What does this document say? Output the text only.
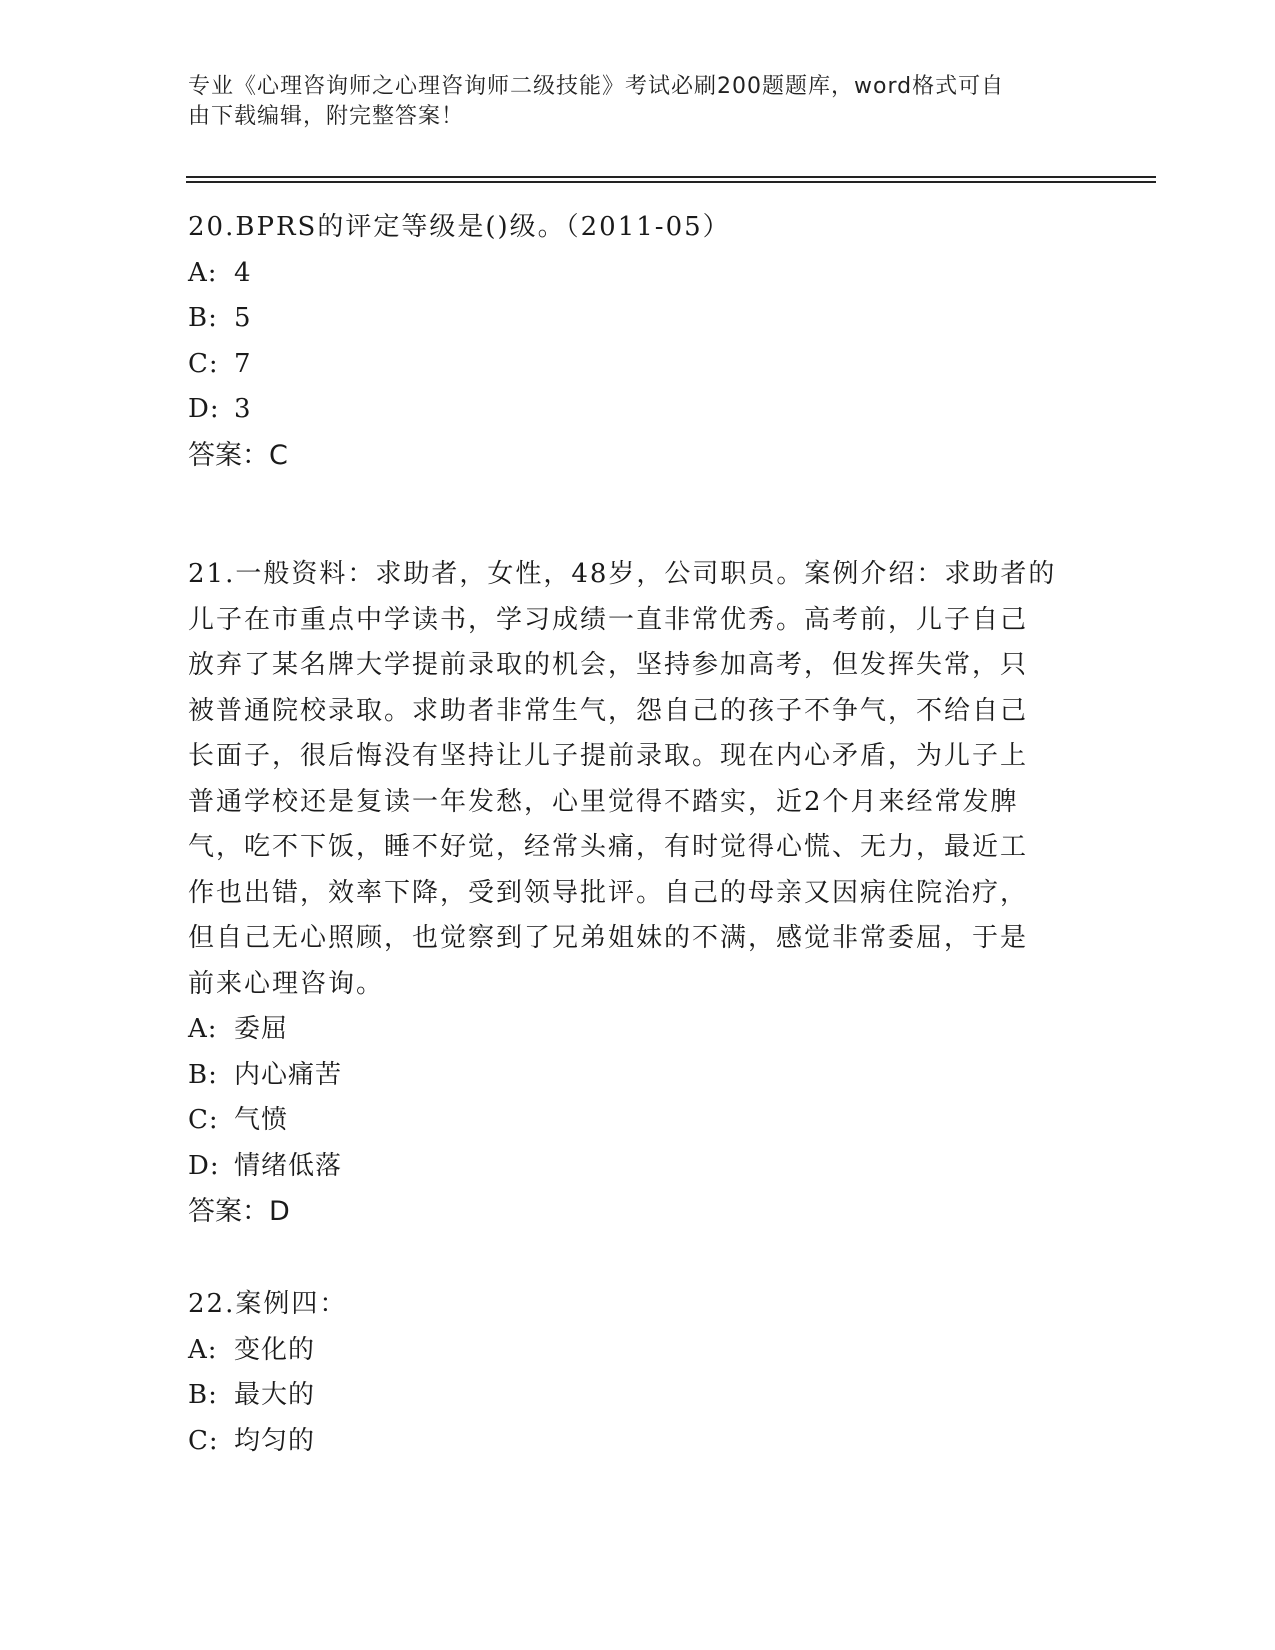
专业《心理咨询师之心理咨询师二级技能》考试必刷200题题库，word格式可自
由下载编辑，附完整答案！

20.BPRS的评定等级是()级。（2011-05）

A: 4

B: 5

C: 7

D: 3

答案：C

21.一般资料：求助者，女性，48岁，公司职员。案例介绍：求助者的

儿子在市重点中学读书，学习成绩一直非常优秀。高考前，儿子自己

放弃了某名牌大学提前录取的机会，坚持参加高考，但发挥失常，只

被普通院校录取。求助者非常生气，怨自己的孩子不争气，不给自己

长面子，很后悔没有坚持让儿子提前录取。现在内心矛盾，为儿子上

普通学校还是复读一年发愁，心里觉得不踏实，近2个月来经常发脾

气，吃不下饭，睡不好觉，经常头痛，有时觉得心慌、无力，最近工

作也出错，效率下降，受到领导批评。自己的母亲又因病住院治疗，

但自己无心照顾，也觉察到了兄弟姐妹的不满，感觉非常委屈，于是

前来心理咨询。

A: 委屈

B: 内心痛苦

C: 气愤

D: 情绪低落

答案：D

22.案例四：

A: 变化的

B: 最大的

C: 均匀的
